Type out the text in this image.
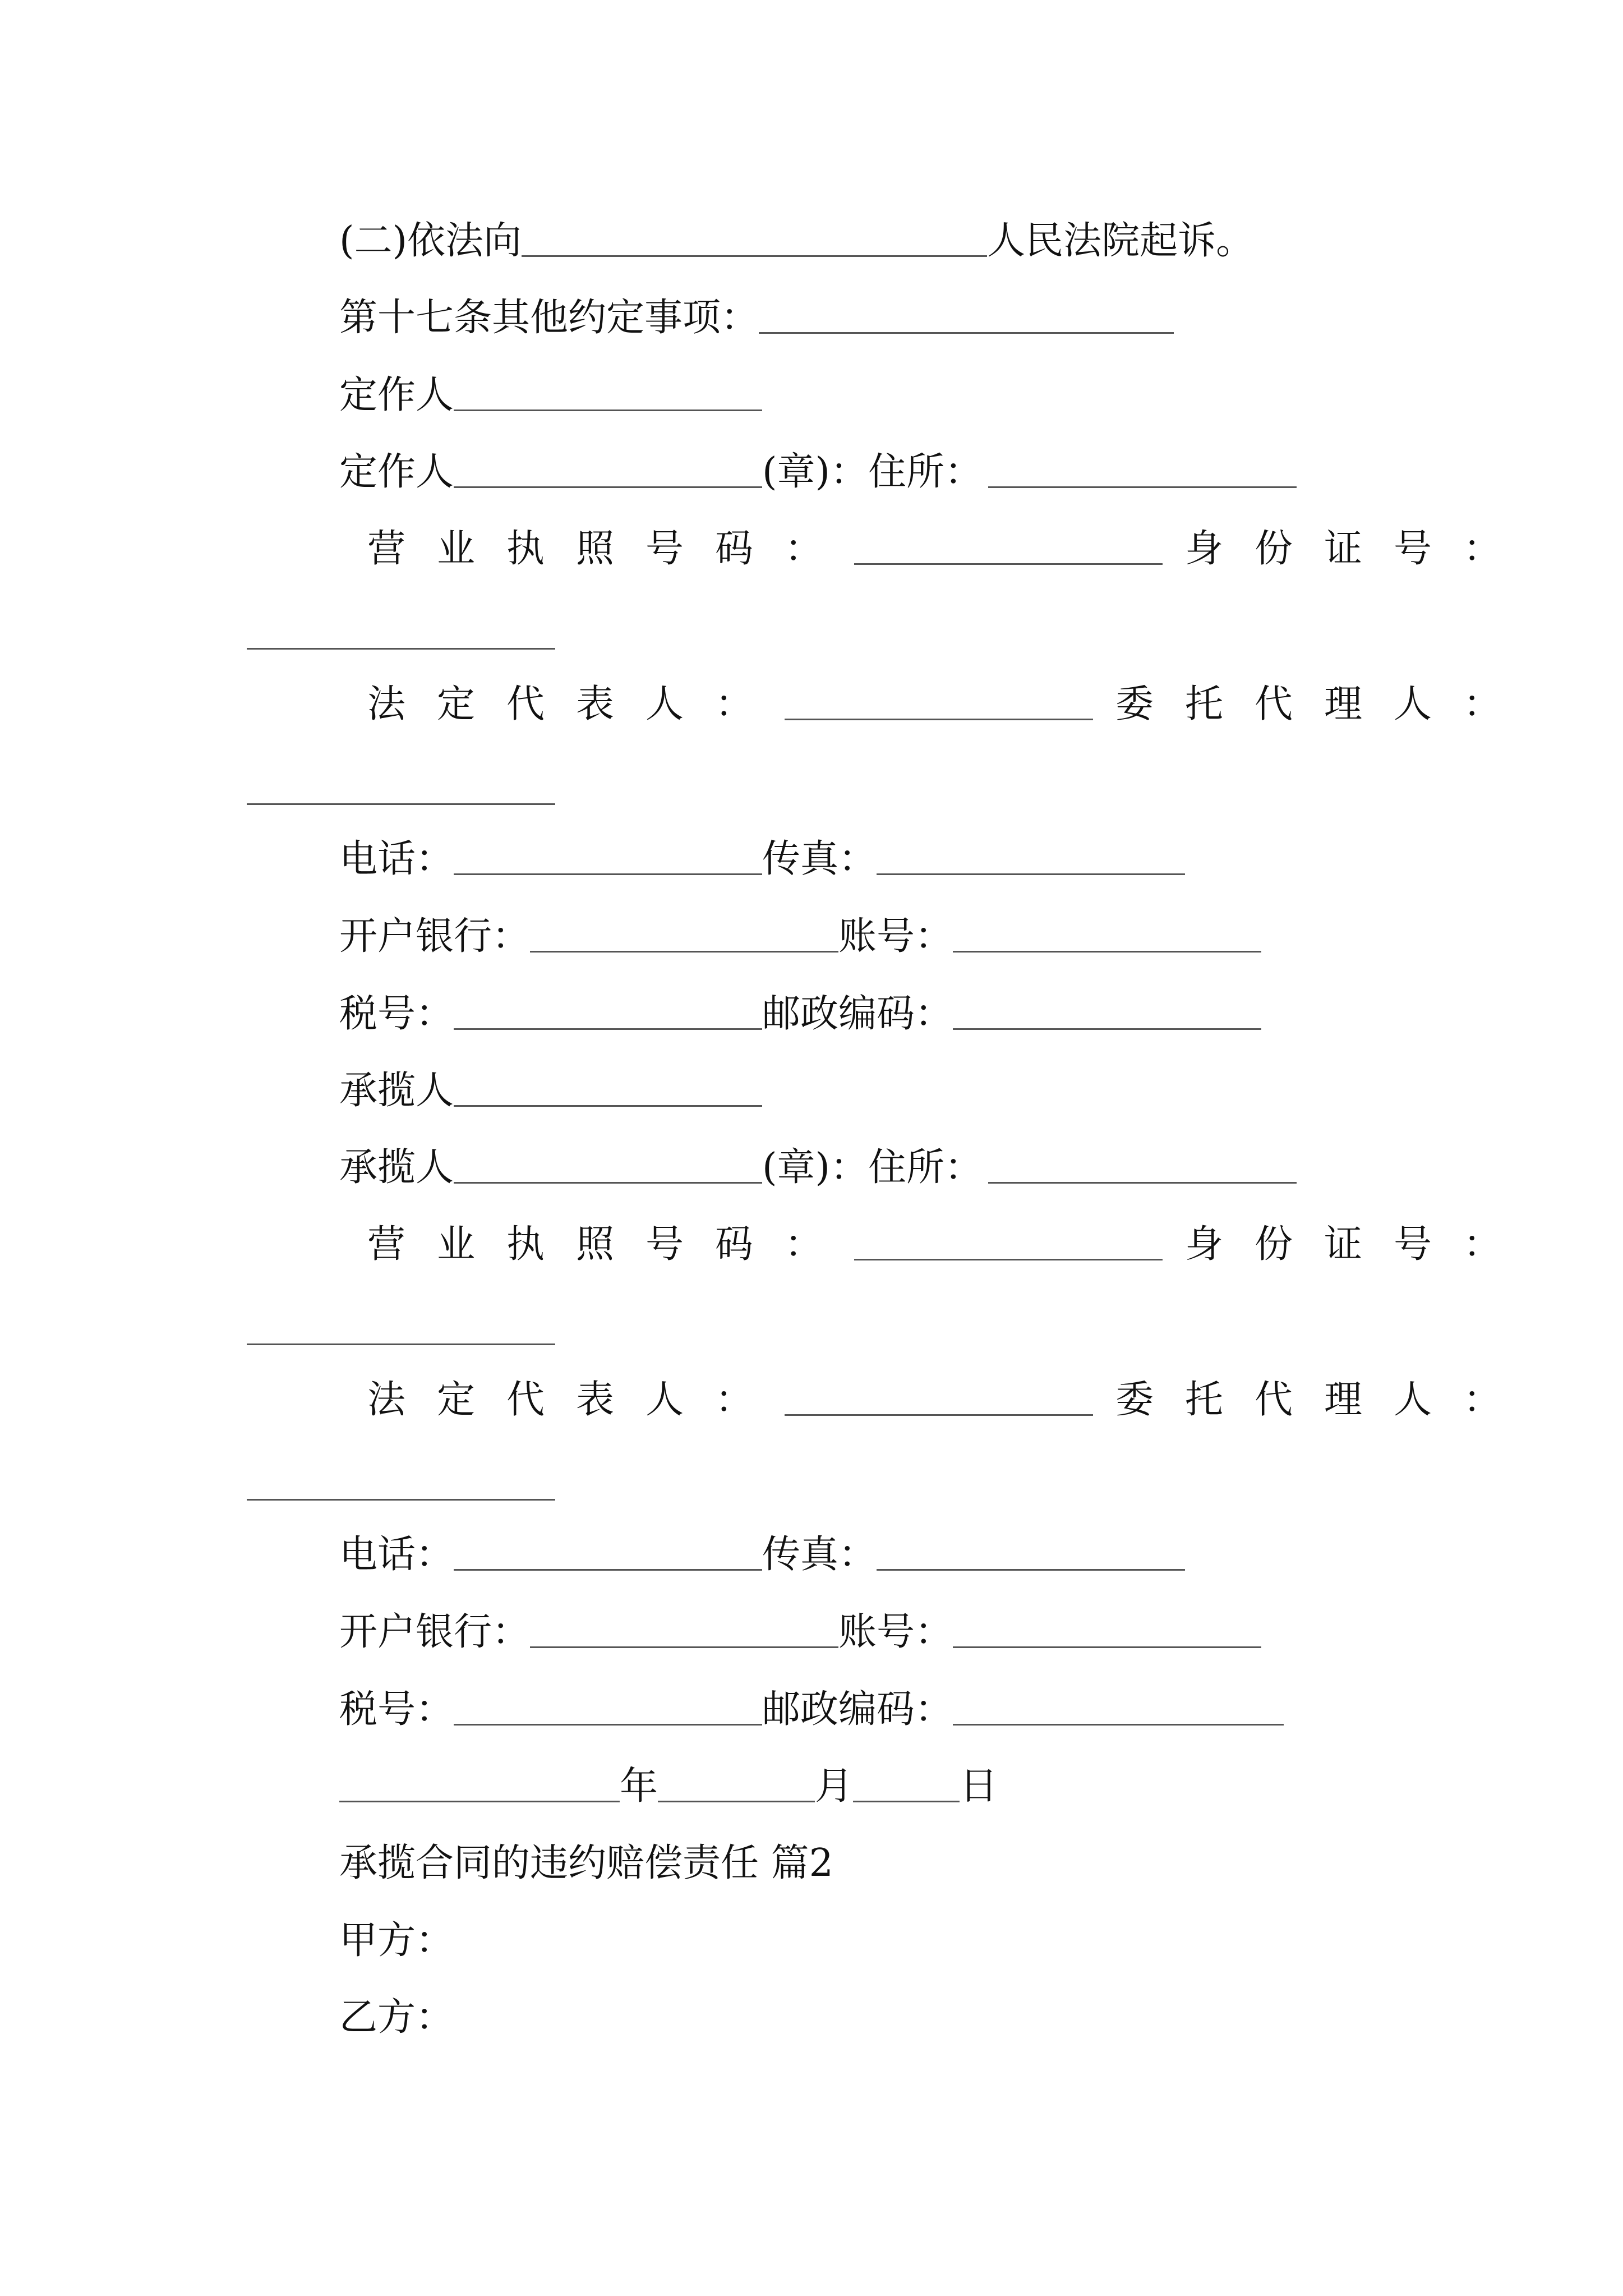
(二)依法向	人民法院起诉。
第十七条其他约定事项：
定作人
定作人	(章)：住所：
营业执照号码：	身份证号：
法定代表人：	委托代理人：
电话：	传真：
开户银行：	账号：
税号：	邮政编码：
承揽人
承揽人	(章)：住所：
营业执照号码：	身份证号：
法定代表人：	委托代理人：
电话：	传真：
开户银行：	账号：
税号：	邮政编码：
年	月	日
承揽合同的违约赔偿责任 篇2
甲方：
乙方：
